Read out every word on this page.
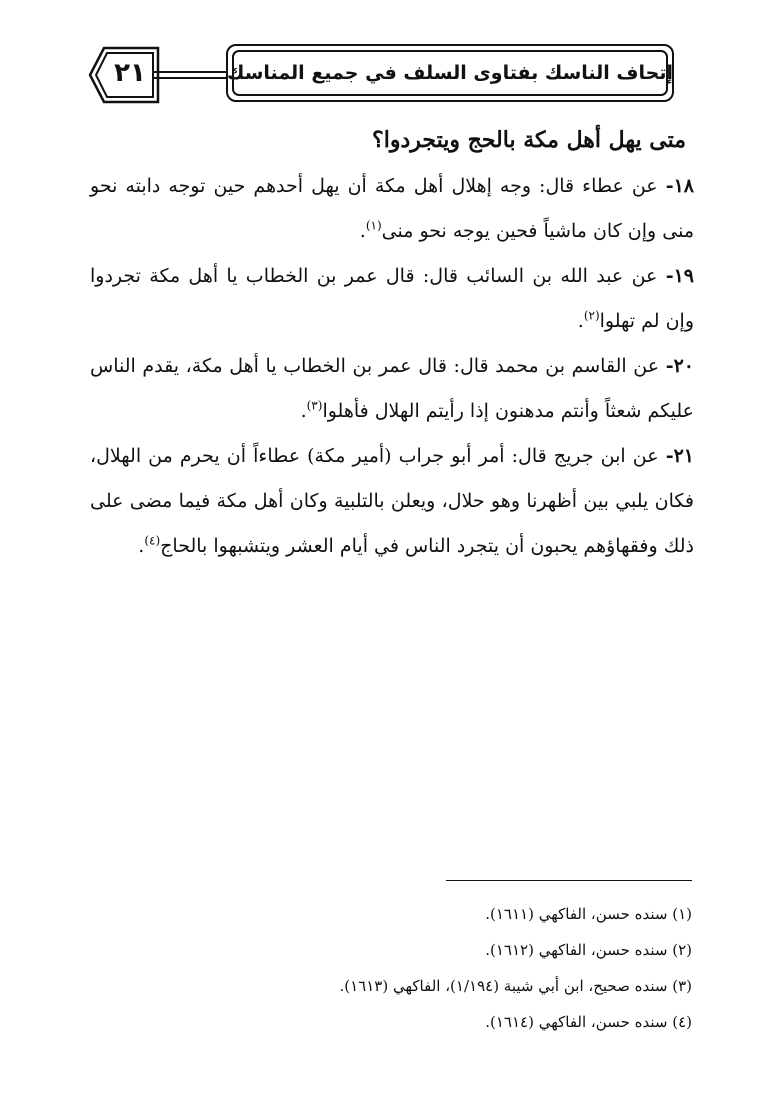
٢١	إتحاف الناسك بفتاوى السلف في جميع المناسك
متى يهل أهل مكة بالحج ويتجردوا؟

١٨- عن عطاء قال: وجه إهلال أهل مكة أن يهل أحدهم حين توجه دابته نحو منى وإن كان ماشياً فحين يوجه نحو منى$^{(١)}$.

١٩- عن عبد الله بن السائب قال: قال عمر بن الخطاب يا أهل مكة تجردوا وإن لم تهلوا$^{(٢)}$.

٢٠- عن القاسم بن محمد قال: قال عمر بن الخطاب يا أهل مكة، يقدم الناس عليكم شعثاً وأنتم مدهنون إذا رأيتم الهلال فأهلوا$^{(٣)}$.

٢١- عن ابن جريج قال: أمر أبو جراب (أمير مكة) عطاءاً أن يحرم من الهلال، فكان يلبي بين أظهرنا وهو حلال، ويعلن بالتلبية وكان أهل مكة فيما مضى على ذلك وفقهاؤهم يحبون أن يتجرد الناس في أيام العشر ويتشبهوا بالحاج$^{(٤)}$.

(١) سنده حسن، الفاكهي (١٦١١).

(٢) سنده حسن، الفاكهي (١٦١٢).

(٣) سنده صحيح، ابن أبي شيبة (١/١٩٤)، الفاكهي (١٦١٣).

(٤) سنده حسن، الفاكهي (١٦١٤).
